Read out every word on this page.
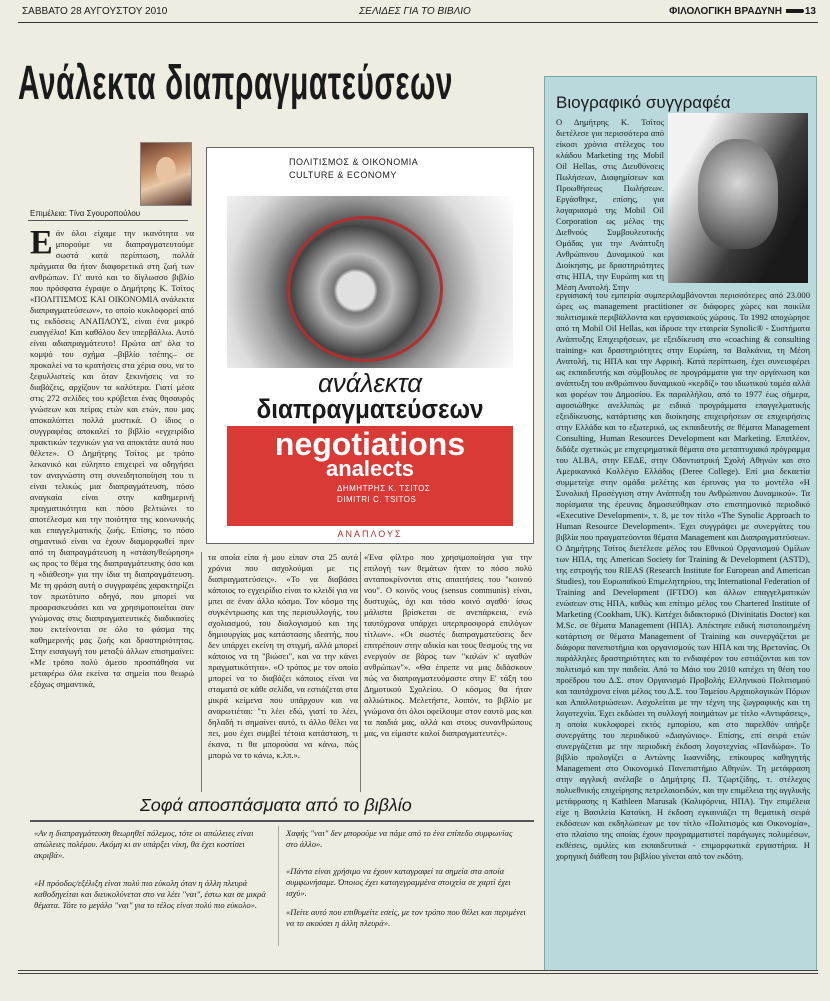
ΣΑΒΒΑΤΟ 28 ΑΥΓΟΥΣΤΟΥ 2010	ΣΕΛΙΔΕΣ ΓΙΑ ΤΟ ΒΙΒΛΙΟ	ΦΙΛΟΛΟΓΙΚΗ ΒΡΑΔΥΝΗ 13
Ανάλεκτα διαπραγματεύσεων
Επιμέλεια: Τίνα Σγουροπούλου
Εάν όλοι είχαμε την ικανότητα να μπορούμε να διαπραγματευτούμε σωστά κατά περίπτωση, πολλά πράγματα θα ήταν διαφορετικά στη ζωή των ανθρώπων. Γι' αυτό και το δίγλωσσο βιβλίο που πρόσφατα έγραψε ο Δημήτρης Κ. Τσίτος «ΠΟΛΙΤΙΣΜΟΣ ΚΑΙ ΟΙΚΟΝΟΜΙΑ ανάλεκτα διαπραγματεύσεων», το οποίο κυκλοφορεί από τις εκδόσεις ΑΝΑΠΛΟΥΣ, είναι ένα μικρό ευαγγέλιο! Και καθόλου δεν υπερβάλλω. Αυτό είναι αδιαπραγμάτευτο! Πρώτα απ' όλα το κομψό του σχήμα –βιβλίο τσέπης– σε προκαλεί να το κρατήσεις στα χέρια σου, να το ξεφυλλιστείς και όταν ξεκινήσεις να το διαβάζεις, αρχίζουν τα καλύτερα. Γιατί μέσα στις 272 σελίδες του κρύβεται ένας θησαυρός γνώσεων και πείρας ετών και ετών, που μας αποκαλύπτει πολλά μυστικά. Ο ίδιος ο συγγραφέας αποκαλεί το βιβλίο «εγχειρίδιο πρακτικών τεχνικών για να αποκτάτε αυτά που θέλετε». Ο Δημήτρης Τσίτος με τρόπο λεκανικό και εύληπτο επιχειρεί να οδηγήσει τον αναγνώστη στη συνειδητοποίηση του τι είναι τελικώς μια διαπραγμάτευση, πόσο αναγκαία είναι στην καθημερινή πραγματικότητα και πόσο βελτιώνει το αποτέλεσμα και την ποιότητα της κοινωνικής και επαγγελματικής ζωής. Επίσης, το πόσο σημαντικό είναι να έχουν διαμορφωθεί πριν από τη διαπραγμάτευση η «στάση/θεώρηση» ως προς το θέμα της διαπραγμάτευσης όσο και η «διάθεση» για την ίδια τη διαπραγμάτευση. Με τη φράση αυτή ο συγγραφέας χαρακτηρίζει τον πρωτότυπο οδηγό, που μπορεί να προαρασκευάσει και να χρησιμοποιείται σαν γνώμονας στις διαπραγματευτικές διαδικασίες που εκτείνονται σε όλο το φάσμα της καθημερινής μας ζωής και δραστηριότητας. Στην εισαγωγή του μεταξύ άλλων επισημαίνει: «Με τρόπο πολύ άμεσο προσπάθησα να μεταφέρω όλα εκείνα τα σημεία που θεωρώ εξόχως σημαντικά,
ΠΟΛΙΤΙΣΜΟΣ & ΟΙΚΟΝΟΜΙΑ
CULTURE & ECONOMY
ανάλεκτα
διαπραγματεύσεων
negotiations
analects
ΔΗΜΗΤΡΗΣ Κ. ΤΣΙΤΟΣ
DIMITRI C. TSITOS
ΑΝΑΠΛΟΥΣ
τα οποία είπα ή μου είπαν στα 25 αυτά χρόνια που ασχολούμαι με τις διαπραγματεύσεις». «Το να διαβάσει κάποιος το εγχειρίδιο είναι το κλειδί για να μπει σε έναν άλλο κόσμο. Τον κόσμο της συγκέντρωσης και της περισυλλογής, του σχολιασμού, του διαλογισμού και της δημιουργίας μας κατάστασης ιδεατής, που δεν υπάρχει εκείνη τη στιγμή, αλλά μπορεί κάποιος να τη "βιώσει", και να την κάνει πραγματικότητα». «Ο τρόπος με τον οποίο μπορεί να το διαβάζει κάποιος είναι να σταματά σε κάθε σελίδα, να εστιάζεται στα μικρά κείμενα που υπάρχουν και να αναρωτιέται: "τι λέει εδώ, γιατί το λέει, δηλαδή τι σημαίνει αυτό, τι άλλο θέλει να πει, μου έχει συμβεί τέτοια κατάσταση, τι έκανα, τι θα μπορούσα να κάνω, πώς μπορώ να το κάνω, κ.λπ.».
«Ένα φίλτρο που χρησιμοποίησα για την επιλογή των θεμάτων ήταν το πόσο πολύ ανταποκρίνονται στις απαιτήσεις του "κοινού νου". Ο κοινός νους (sensus communis) είναι, δυστυχώς, όχι και τόσο κοινό αγαθό· ίσως μάλιστα βρίσκεται σε ανεπάρκεια, ενώ ταυτόχρονα υπάρχει υπερπροσφορά επιλόγων τίτλων». «Οι σωστές διαπραγματεύσεις δεν επιτρέπουν στην αδικία και τους θεσμούς της να ενεργούν σε βάρος των "καλών κ' αγαθών ανθρώπων"». «Θα έπρεπε να μας διδάσκουν πώς να διαπραγματευόμαστε στην Ε' τάξη του Δημοτικού Σχολείου. Ο κόσμος θα ήταν αλλιώτικος. Μελετήστε, λοιπόν, το βιβλίο με γνώμονα ότι όλοι οφείλουμε στον εαυτό μας και τα παιδιά μας, αλλά και στους συνανθρώπους μας, να είμαστε καλοί διαπραγματευτές».
Σοφά αποσπάσματα από το βιβλίο
«Αν η διαπραγμάτευση θεωρηθεί πόλεμος, τότε οι απώλειες είναι απώλειες πολέμου. Ακόμη κι αν υπάρξει νίκη, θα έχει κοστίσει ακριβά».
«Η πρόοδος/εξέλιξη είναι πολύ πιο εύκολη όταν η άλλη πλευρά καθοδηγείται και διευκολύνεται στο να λέει "ναι", έστω και σε μικρά θέματα. Τότε το μεγάλο "ναι" για το τέλος είναι πολύ πιο εύκολο».
Χαφής "ναι" δεν μπορούμε να πάμε από το ένα επίπεδο συμφωνίας στο άλλο».
«Πάντα είναι χρήσιμο να έχουν καταγραφεί τα σημεία στα οποία συμφωνήσαμε. Όποιος έχει καταγεγραμμένα στοιχεία σε χαρτί έχει ισχύ».
«Πείτε αυτό που επιθυμείτε εσείς, με τον τρόπο που θέλει και περιμένει να το ακούσει η άλλη πλευρά».
Βιογραφικό συγγραφέα
Ο Δημήτρης Κ. Τσίτος διετέλεσε για περισσότερα από είκοσι χρόνια στέλεχος του κλάδου Marketing της Mobil Oil Hellas, στις Διευθύνσεις Πωλήσεων, Διαφημίσεων και Προωθήσεως Πωλήσεων. Εργάσθηκε, επίσης, για λογαριασμό της Mobil Oil Corporation ως μέλος της Διεθνούς Συμβουλευτικής Ομάδας για την Ανάπτυξη Ανθρώπινου Δυναμικού και Διοίκησης, με δραστηριότητες στις ΗΠΑ, την Ευρώπη και τη Μέση Ανατολή. Στην
εργασιακή του εμπειρία συμπεριλαμβάνονται περισσότερες από 23.000 ώρες ως management practitioner σε διάφορες χώρες και ποικίλα πολιτισμικά περιβάλλοντα και εργασιακούς χώρους. Το 1992 αποχώρησε από τη Mobil Oil Hellas, και ίδρυσε την εταιρεία Synolic® - Συστήματα Ανάπτυξης Επιχειρήσεων, με εξειδίκευση στο «coaching & consulting training» και δραστηριότητες στην Ευρώπη, τα Βαλκάνια, τη Μέση Ανατολή, τις ΗΠΑ και την Αφρική. Κατά περίπτωση, έχει συνεισφέρει ως εκπαιδευτής και σύμβουλος σε προγράμματα για την οργάνωση και ανάπτυξη του ανθρώπινου δυναμικού «κερδίζ» του ιδιωτικού τομέα αλλά και φορέων του Δημοσίου. Εκ παραλλήλου, από το 1977 έως σήμερα, αφοσιώθηκε ανελλιπώς με ειδικά προγράμματα επαγγελματικής εξειδίκευσης, κατάρτισης και διοίκησης επιχειρήσεων σε επιχειρήσεις στην Ελλάδα και το εξωτερικό, ως εκπαιδευτής σε θέματα Management Consulting, Human Resources Development και Marketing. Επιπλέον, διδάξε σχετικώς με επιχειρηματικά θέματα στο μεταπτυχιακό πρόγραμμα του ALBA, στην ΕΕΔΕ, στην Οδοντιατρική Σχολή Αθηνών και στο Αμερικανικό Κολλέγιο Ελλάδος (Deree College). Επί μια δεκαετία συμμετείχε στην ομάδα μελέτης και έρευνας για το μοντέλο «Η Συνολική Προσέγγιση στην Ανάπτυξη του Ανθρώπινου Δυναμικού». Τα πορίσματα της έρευνας δημοσιεύθηκαν στο επιστημονικό περιοδικό «Executive Development», τ. 8, με τον τίτλο «The Synolic Approach to Human Resource Development». Έχει συγγράψει με συνεργάτες του βιβλία που πραγματεύονται θέματα Management και Διαπραγματεύσεων. Ο Δημήτρης Τσίτος διετέλεσε μέλος του Εθνικού Οργανισμού Ομίλων των ΗΠΑ, της American Society for Training & Development (ASTD), της εστρογής του RIEAS (Research Institute for European and American Studies), του Ευρωπαϊκού Επιμελητηρίου, της International Federation of Training and Development (IFTDO) και άλλων επαγγελματικών ενώσεων στις ΗΠΑ, καθώς και επίτιμο μέλος του Chartered Institute of Marketing (Cookham, UK). Κατέχει διδακτορικό (Divinitatis Doctor) και M.Sc. σε θέματα Management (ΗΠΑ). Απέκτησε ειδική πιστοποιημένη κατάρτιση σε θέματα Management of Training και συνεργάζεται με διάφορα πανεπιστήμια και οργανισμούς των ΗΠΑ και της Βρετανίας. Οι παράλληλες δραστηριότητες και το ενδιαφέρον του εστιάζονται και τον πολιτισμό και την παιδεία. Από το Μάιο του 2010 κατέχει τη θέση του προέδρου του Δ.Σ. στον Οργανισμό Προβολής Ελληνικού Πολιτισμού και ταυτόχρονα είναι μέλος του Δ.Σ. του Ταμείου Αρχαιολογικών Πόρων και Απαλλοτριώσεων. Ασχολείται με την τέχνη της ζωγραφικής και τη λογοτεχνία. Έχει εκδώσει τη συλλογή ποιημάτων με τίτλο «Αντιφάσεις», η οποία κυκλοφορεί εκτός εμπορίου, και στο παρελθόν υπήρξε συνεργάτης του περιοδικού «Διαγώνιος». Επίσης, επί σειρά ετών συνεργάζεται με την περιοδική έκδοση λογοτεχνίας «Πανδώρα». Το βιβλίο προλογίζει ο Αντώνης Ιωαννίδης, επίκουρος καθηγητής Management στο Οικονομικό Πανεπιστήμιο Αθηνών. Τη μετάφραση στην αγγλική ανέλαβε ο Δημήτρης Π. Τζωρτζίδης, τ. στέλεχος πολυεθνικής επιχείρησης πετρελαιοειδών, και την επιμέλεια της αγγλικής μετάφρασης η Kathleen Marusak (Καλιφόρνια, ΗΠΑ). Την επιμέλεια είχε η Βασιλεία Κατσίκη. Η έκδοση εγκαινιάζει τη θεματική σειρά εκδόσεων και εκδηλώσεων με τον τίτλο «Πολιτισμός και Οικονομία», στο πλαίσιο της οποίας έχουν προγραμματιστεί παράγωγες πολυμέσων, εκθέσεις, ομιλίες και εκπαιδευτικά - επιμορφωτικά εργαστήρια. Η χορηγική διάθεση του βιβλίου γίνεται από τον εκδότη.
